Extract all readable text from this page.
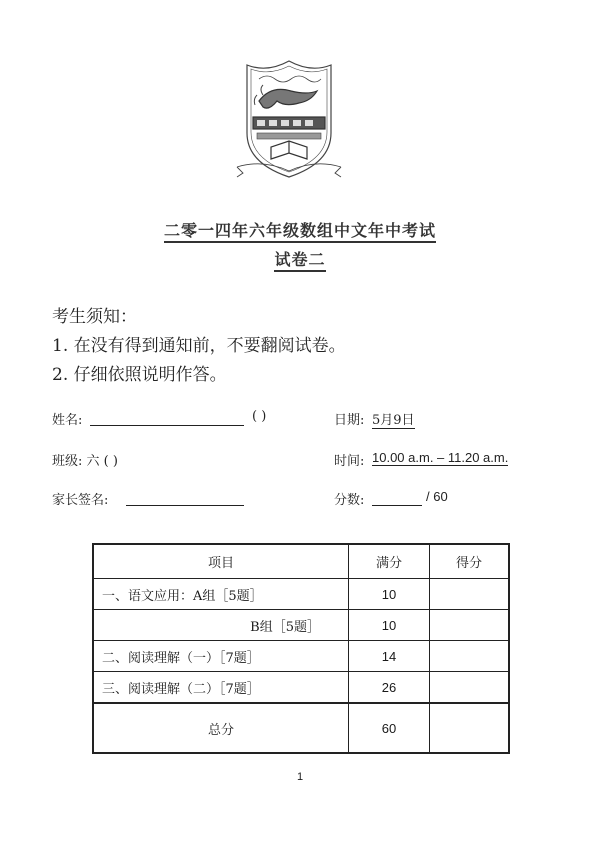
二零一四年六年级数组中文年中考试
试卷二
考生须知：
1. 在没有得到通知前，不要翻阅试卷。
2. 仔细依照说明作答。
姓名:	( )	日期: 5月9日
班级: 六 ( )	时间: 10.00 a.m. – 11.20 a.m.
家长签名:	分数:	/ 60
项目	满分	得分
一、语文应用：A组［5题］	10	
B组［5题］	10	
二、阅读理解（一）［7题］	14	
三、阅读理解（二）［7题］	26	
总分	60	
1
